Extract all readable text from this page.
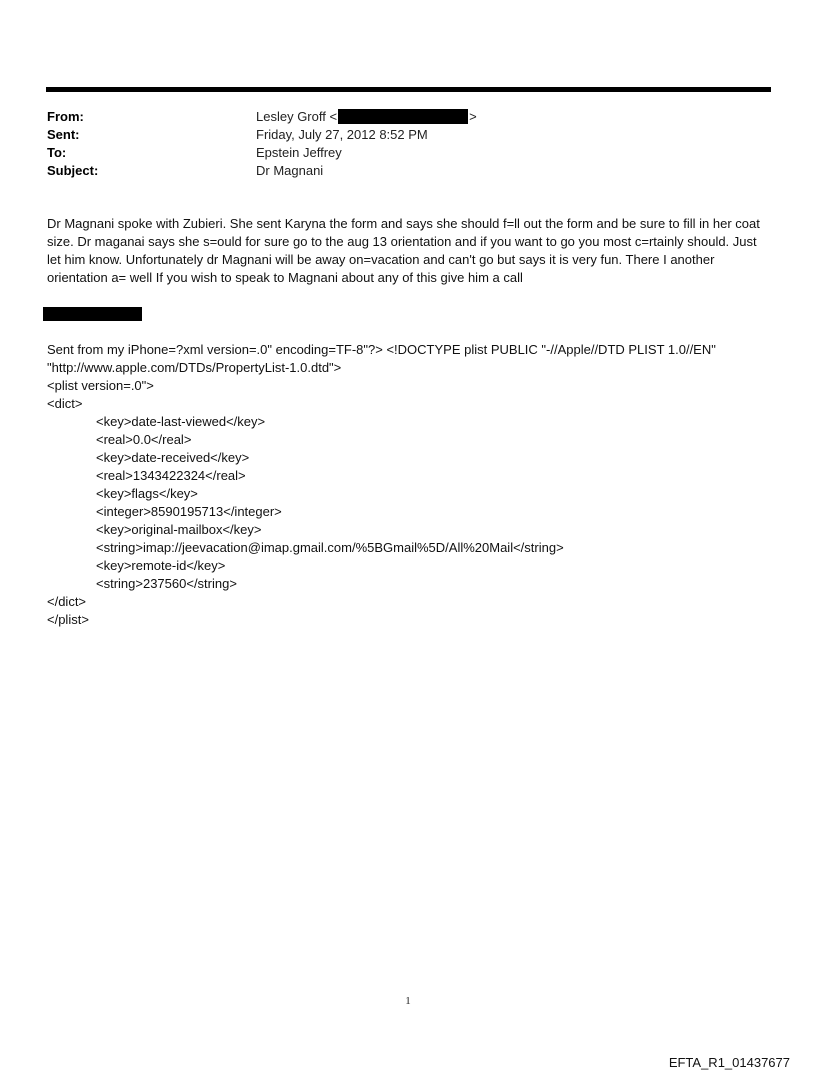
From:	Lesley Groff <	>
Sent:	Friday, July 27, 2012 8:52 PM
To:	Epstein Jeffrey
Subject:	Dr Magnani

Dr Magnani spoke with Zubieri. She sent Karyna the form and says she should f=ll out the form and be sure to fill in her coat size. Dr maganai says she s=ould for sure go to the aug 13 orientation and if you want to go you most c=rtainly should. Just let him know. Unfortunately dr Magnani will be away on=vacation and can't go but says it is very fun. There I another orientation a= well If you wish to speak to Magnani about any of this give him a call

Sent from my iPhone=?xml version=.0" encoding=TF-8"?> <!DOCTYPE plist PUBLIC "-//Apple//DTD PLIST 1.0//EN" "http://www.apple.com/DTDs/PropertyList-1.0.dtd">
<plist version=.0">
<dict>
<key>date-last-viewed</key>
<real>0.0</real>
<key>date-received</key>
<real>1343422324</real>
<key>flags</key>
<integer>8590195713</integer>
<key>original-mailbox</key>
<string>imap://jeevacation@imap.gmail.com/%5BGmail%5D/All%20Mail</string>
<key>remote-id</key>
<string>237560</string>
</dict>
</plist>
1
EFTA_R1_01437677
